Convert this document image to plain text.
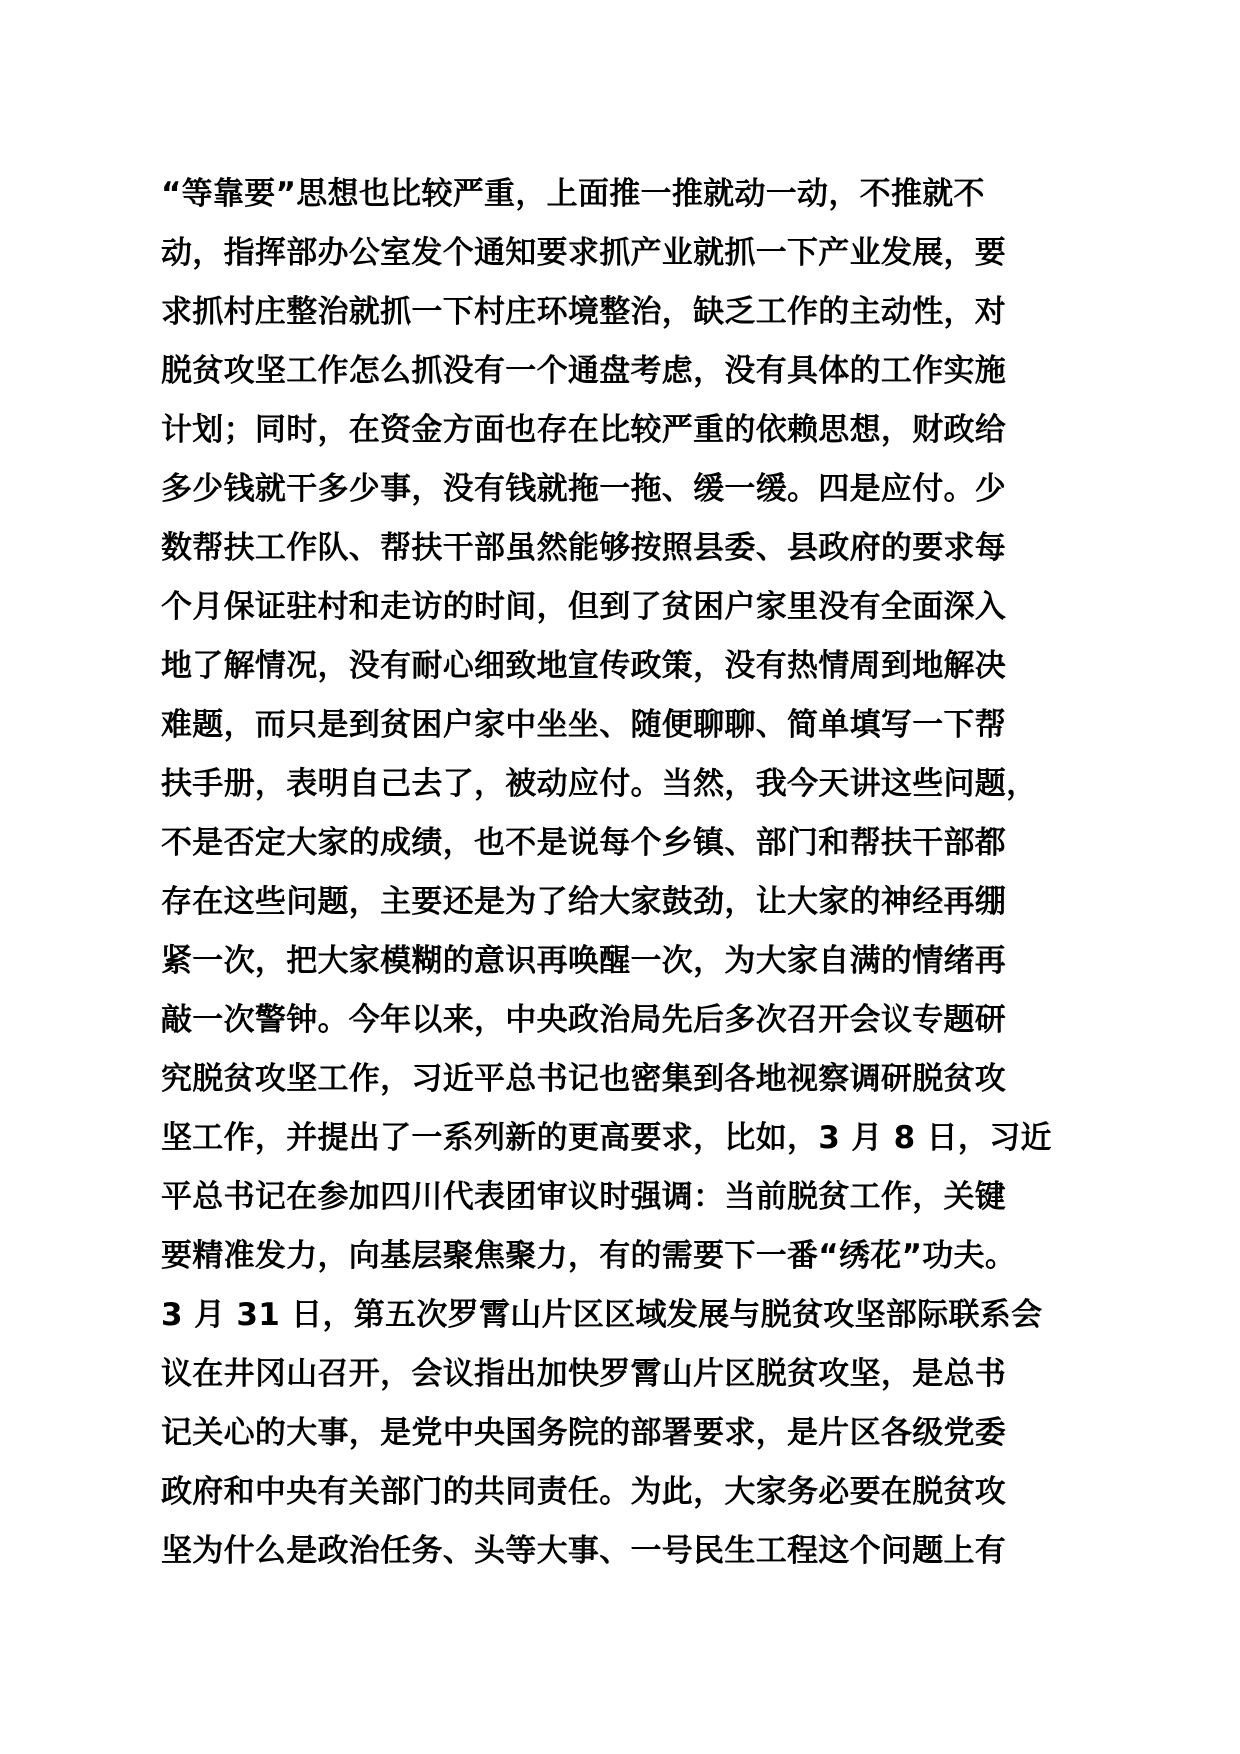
“等靠要”思想也比较严重，上面推一推就动一动，不推就不
动，指挥部办公室发个通知要求抓产业就抓一下产业发展，要
求抓村庄整治就抓一下村庄环境整治，缺乏工作的主动性，对
脱贫攻坚工作怎么抓没有一个通盘考虑，没有具体的工作实施
计划；同时，在资金方面也存在比较严重的依赖思想，财政给
多少钱就干多少事，没有钱就拖一拖、缓一缓。四是应付。少
数帮扶工作队、帮扶干部虽然能够按照县委、县政府的要求每
个月保证驻村和走访的时间，但到了贫困户家里没有全面深入
地了解情况，没有耐心细致地宣传政策，没有热情周到地解决
难题，而只是到贫困户家中坐坐、随便聊聊、简单填写一下帮
扶手册，表明自己去了，被动应付。当然，我今天讲这些问题，
不是否定大家的成绩，也不是说每个乡镇、部门和帮扶干部都
存在这些问题，主要还是为了给大家鼓劲，让大家的神经再绷
紧一次，把大家模糊的意识再唤醒一次，为大家自满的情绪再
敲一次警钟。今年以来，中央政治局先后多次召开会议专题研
究脱贫攻坚工作，习近平总书记也密集到各地视察调研脱贫攻
坚工作，并提出了一系列新的更高要求，比如，3 月 8 日，习近
平总书记在参加四川代表团审议时强调：当前脱贫工作，关键
要精准发力，向基层聚焦聚力，有的需要下一番“绣花”功夫。
3 月 31 日，第五次罗霄山片区区域发展与脱贫攻坚部际联系会
议在井冈山召开，会议指出加快罗霄山片区脱贫攻坚，是总书
记关心的大事，是党中央国务院的部署要求，是片区各级党委
政府和中央有关部门的共同责任。为此，大家务必要在脱贫攻
坚为什么是政治任务、头等大事、一号民生工程这个问题上有
